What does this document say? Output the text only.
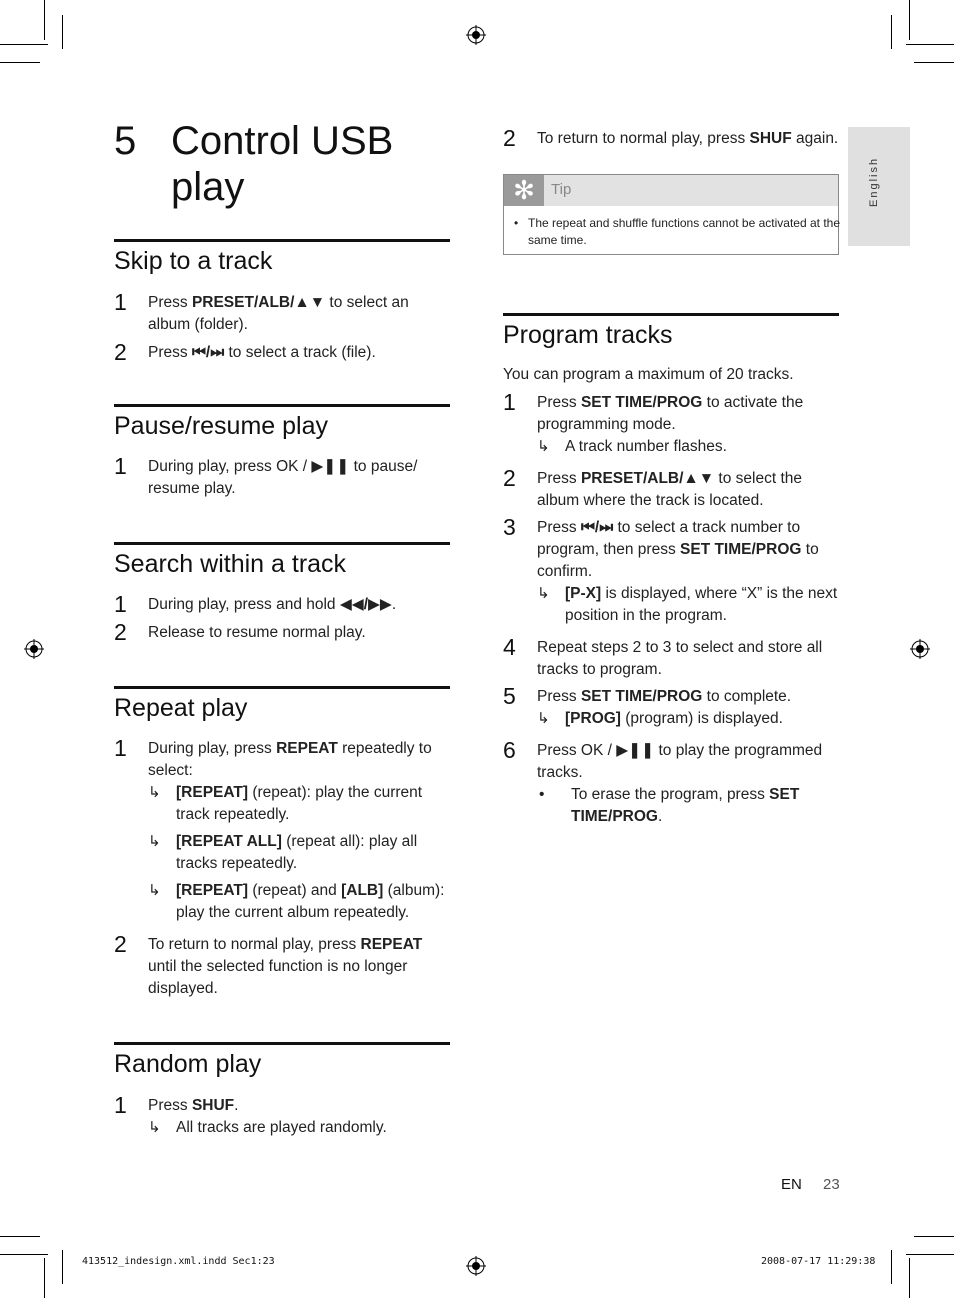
5 Control USB play
Skip to a track
1 Press PRESET/ALB/▲▼ to select an album (folder).
2 Press ⏮/⏭ to select a track (file).
Pause/resume play
1 During play, press OK / ▶❚❚ to pause/ resume play.
Search within a track
1 During play, press and hold ◀◀/▶▶.
2 Release to resume normal play.
Repeat play
1 During play, press REPEAT repeatedly to select:
↳ [REPEAT] (repeat): play the current track repeatedly.
↳ [REPEAT ALL] (repeat all): play all tracks repeatedly.
↳ [REPEAT] (repeat) and [ALB] (album): play the current album repeatedly.
2 To return to normal play, press REPEAT until the selected function is no longer displayed.
Random play
1 Press SHUF.
↳ All tracks are played randomly.
2 To return to normal play, press SHUF again.
✻	Tip
• The repeat and shuffle functions cannot be activated at the same time.
Program tracks
You can program a maximum of 20 tracks.
1 Press SET TIME/PROG to activate the programming mode.
↳ A track number flashes.
2 Press PRESET/ALB/▲▼ to select the album where the track is located.
3 Press ⏮/⏭ to select a track number to program, then press SET TIME/PROG to confirm.
↳ [P-X] is displayed, where “X” is the next position in the program.
4 Repeat steps 2 to 3 to select and store all tracks to program.
5 Press SET TIME/PROG to complete.
↳ [PROG] (program) is displayed.
6 Press OK / ▶❚❚ to play the programmed tracks.
• To erase the program, press SET TIME/PROG.
English
EN 23
413512_indesign.xml.indd Sec1:23	2008-07-17 11:29:38
